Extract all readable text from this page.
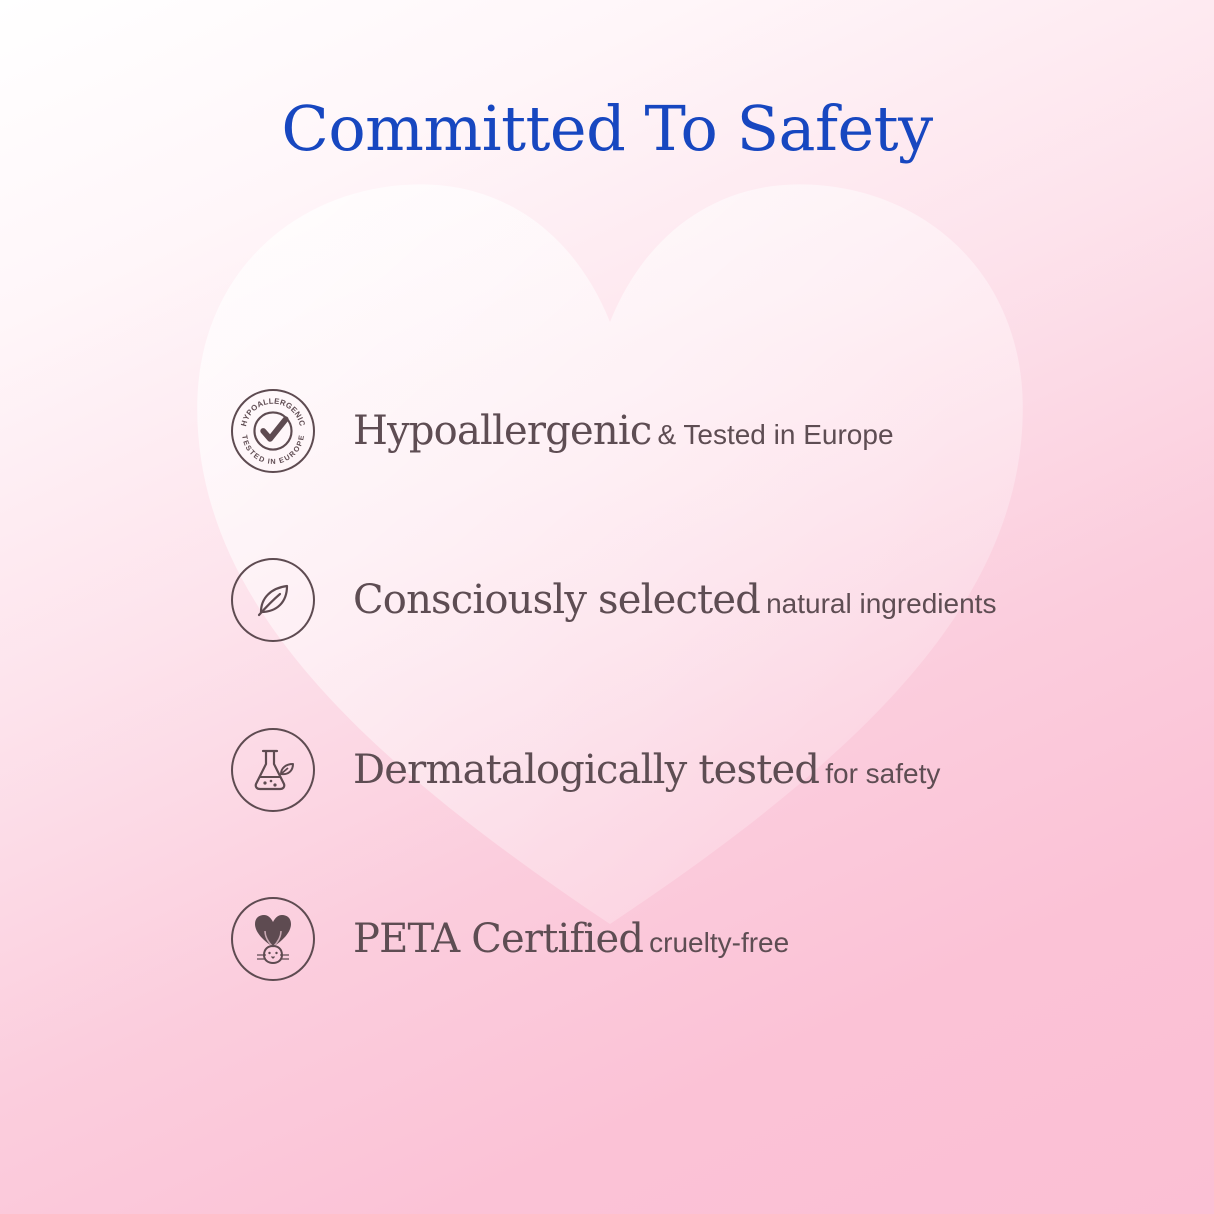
Committed To Safety
HYPOALLERGENIC
TESTED IN EUROPE Hypoallergenic & Tested in Europe
Consciously selected natural ingredients
Dermatalogically tested for safety
PETA Certified cruelty-free
